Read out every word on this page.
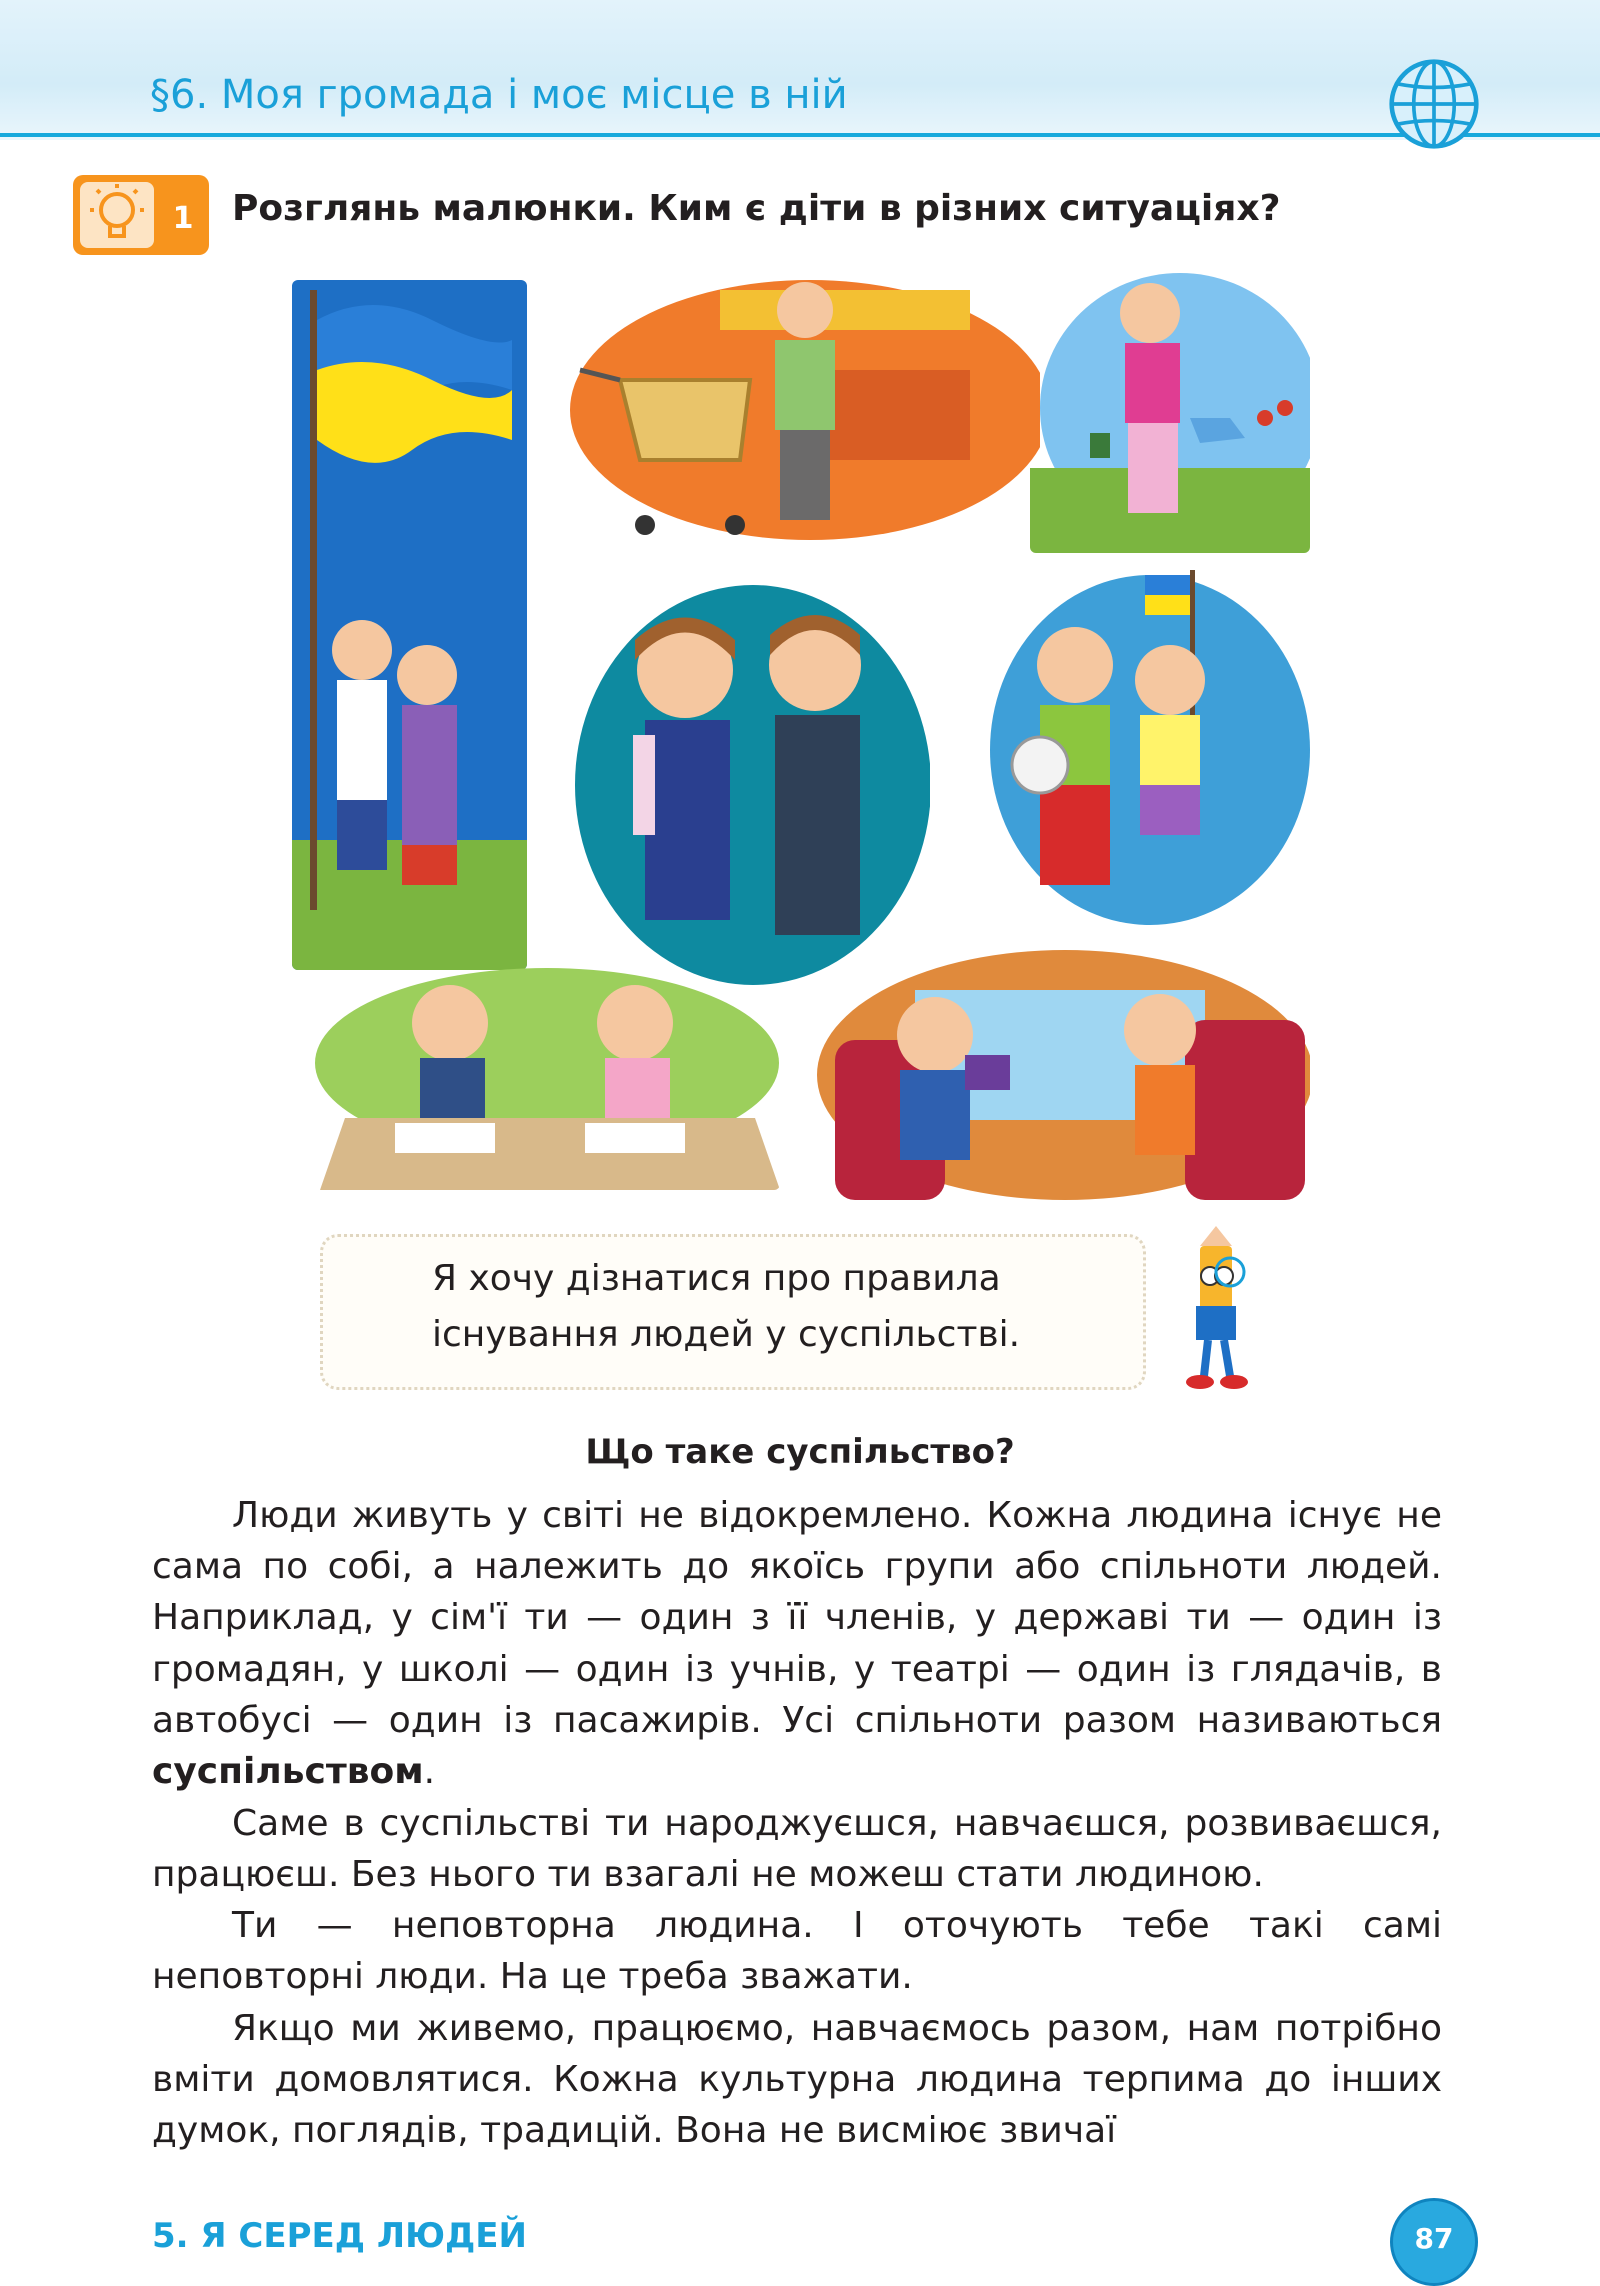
§6. Моя громада і моє місце в ній
1 Розглянь малюнки. Ким є діти в різних ситуаціях?
Я хочу дізнатися про правила
існування людей у суспільстві.
Що таке суспільство?

Люди живуть у світі не відокремлено. Кожна людина існує не сама по собі, а належить до якоїсь групи або спільноти людей. Наприклад, у сім'ї ти — один з її членів, у державі ти — один із громадян, у школі — один із учнів, у театрі — один із глядачів, в автобусі — один із пасажирів. Усі спільноти разом називаються суспільством.

Саме в суспільстві ти народжуєшся, навчаєшся, розвиваєшся, працюєш. Без нього ти взагалі не можеш стати людиною.

Ти — неповторна людина. І оточують тебе такі самі неповторні люди. На це треба зважати.

Якщо ми живемо, працюємо, навчаємось разом, нам потрібно вміти домовлятися. Кожна культурна людина терпима до інших думок, поглядів, традицій. Вона не висміює звичаї

5. Я СЕРЕД ЛЮДЕЙ	87
